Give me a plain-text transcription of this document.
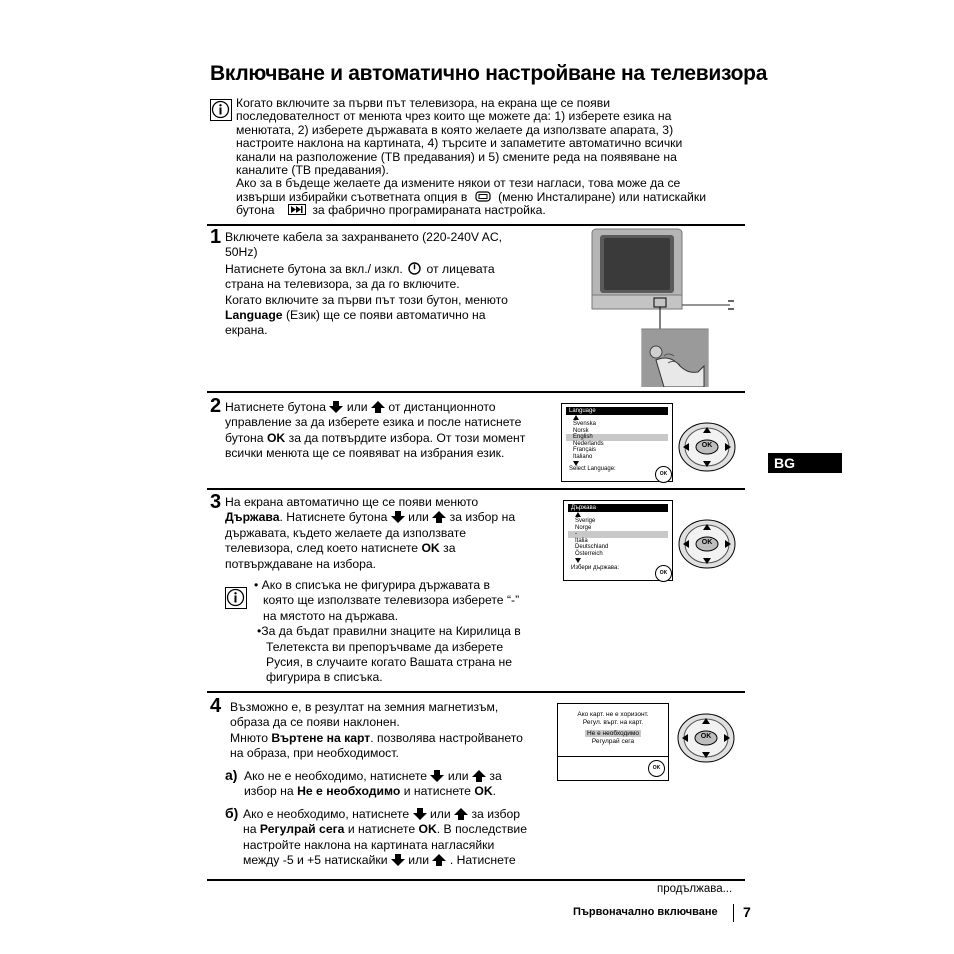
Включване и автоматично настройване на телевизора
Когато включите за първи път телевизора, на екрана ще се появи
последователност от менюта чрез които ще можете да: 1) изберете езика на
менютата, 2) изберете държавата в която желаете да използвате апарата, 3)
настроите наклона на картината, 4) търсите и запаметите автоматично всички
канали на разположение (ТВ предавания) и 5) смените реда на появяване на
каналите (ТВ предавания).
Ако за в бъдеще желаете да измените някои от тези нагласи, това може да се
извърши избирайки съответната опция в	(меню Инсталиране) или натискайки
бутона	за фабрично програмираната настройка.
1 Включете кабела за захранването (220-240V AC,
50Hz)
Натиснете бутона за вкл./ изкл. от лицевата
страна на телевизора, за да го включите.
Когато включите за първи път този бутон, менюто
Language (Език) ще се появи автоматично на
екрана.
2 Натиснете бутона или от дистанционното
управление за да изберете езика и после натиснете
бутона OK за да потвърдите избора. От този момент
всички менюта ще се появяват на избрания език.
Language
Svenska
Norsk
English
Nederlands
Français
Italiano
Select Language:
OK
OK
BG
3 На екрана автоматично ще се появи менюто
Държава. Натиснете бутона или за избор на
държавата, където желаете да използвате
телевизора, след което натиснете OK за
потвърждаване на избора.
Държава
Sverige
Norge
-
Italia
Deutschland
Österreich
Избери държава:
OK
OK
• Ако в списъка не фигурира държавата в
която ще използвате телевизора изберете “-”
на мястото на държава.
•За да бъдат правилни знаците на Кирилица в
Телетекста ви препоръчваме да изберете
Русия, в случаите когато Вашата страна не
фигурира в списъка.
4 Възможно е, в резултат на земния магнетизъм,
образа да се появи наклонен.
Мнюто Въртене на карт. позволява настройването
на образа, при необходимост.
а) Ако не е необходимо, натиснете или за
избор на Не е необходимо и натиснете OK.
б) Ако е необходимо, натиснете или за избор
на Регулрай сега и натиснете OK. В последствие
настройте наклона на картината нагласяйки
между -5 и +5 натискайки или . Натиснете
Ако карт. не е хоризонт.
Регул. върт. на карт.
Не е необходимо
Регулрай сега
OK
OK
продължава...
Първоначално включване 7
